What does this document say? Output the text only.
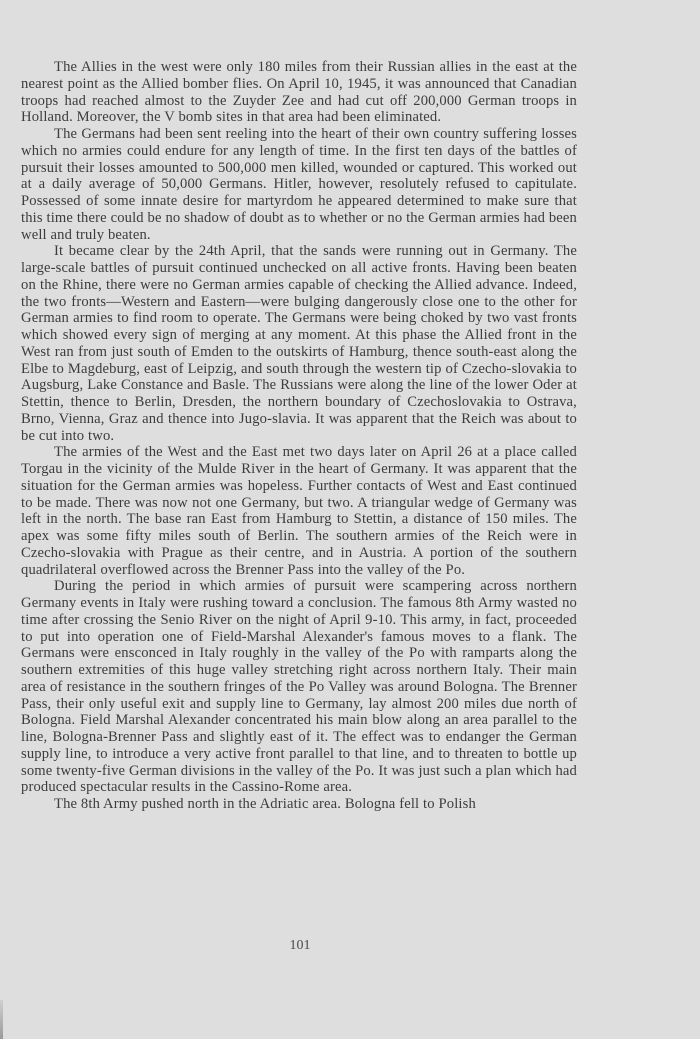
The Allies in the west were only 180 miles from their Russian allies in the east at the nearest point as the Allied bomber flies. On April 10, 1945, it was announced that Canadian troops had reached almost to the Zuyder Zee and had cut off 200,000 German troops in Holland. Moreover, the V bomb sites in that area had been eliminated.

The Germans had been sent reeling into the heart of their own country suffering losses which no armies could endure for any length of time. In the first ten days of the battles of pursuit their losses amounted to 500,000 men killed, wounded or captured. This worked out at a daily average of 50,000 Germans. Hitler, however, resolutely refused to capitulate. Possessed of some innate desire for martyrdom he appeared determined to make sure that this time there could be no shadow of doubt as to whether or no the German armies had been well and truly beaten.

It became clear by the 24th April, that the sands were running out in Germany. The large-scale battles of pursuit continued unchecked on all active fronts. Having been beaten on the Rhine, there were no German armies capable of checking the Allied advance. Indeed, the two fronts—Western and Eastern—were bulging dangerously close one to the other for German armies to find room to operate. The Germans were being choked by two vast fronts which showed every sign of merging at any moment. At this phase the Allied front in the West ran from just south of Emden to the outskirts of Hamburg, thence south-east along the Elbe to Magdeburg, east of Leipzig, and south through the western tip of Czecho-slovakia to Augsburg, Lake Constance and Basle. The Russians were along the line of the lower Oder at Stettin, thence to Berlin, Dresden, the northern boundary of Czechoslovakia to Ostrava, Brno, Vienna, Graz and thence into Jugo-slavia. It was apparent that the Reich was about to be cut into two.

The armies of the West and the East met two days later on April 26 at a place called Torgau in the vicinity of the Mulde River in the heart of Germany. It was apparent that the situation for the German armies was hopeless. Further contacts of West and East continued to be made. There was now not one Germany, but two. A triangular wedge of Germany was left in the north. The base ran East from Hamburg to Stettin, a distance of 150 miles. The apex was some fifty miles south of Berlin. The southern armies of the Reich were in Czecho-slovakia with Prague as their centre, and in Austria. A portion of the southern quadrilateral overflowed across the Brenner Pass into the valley of the Po.

During the period in which armies of pursuit were scampering across northern Germany events in Italy were rushing toward a conclusion. The famous 8th Army wasted no time after crossing the Senio River on the night of April 9-10. This army, in fact, proceeded to put into operation one of Field-Marshal Alexander's famous moves to a flank. The Germans were ensconced in Italy roughly in the valley of the Po with ramparts along the southern extremities of this huge valley stretching right across northern Italy. Their main area of resistance in the southern fringes of the Po Valley was around Bologna. The Brenner Pass, their only useful exit and supply line to Germany, lay almost 200 miles due north of Bologna. Field Marshal Alexander concentrated his main blow along an area parallel to the line, Bologna-Brenner Pass and slightly east of it. The effect was to endanger the German supply line, to introduce a very active front parallel to that line, and to threaten to bottle up some twenty-five German divisions in the valley of the Po. It was just such a plan which had produced spectacular results in the Cassino-Rome area.

The 8th Army pushed north in the Adriatic area. Bologna fell to Polish

101
